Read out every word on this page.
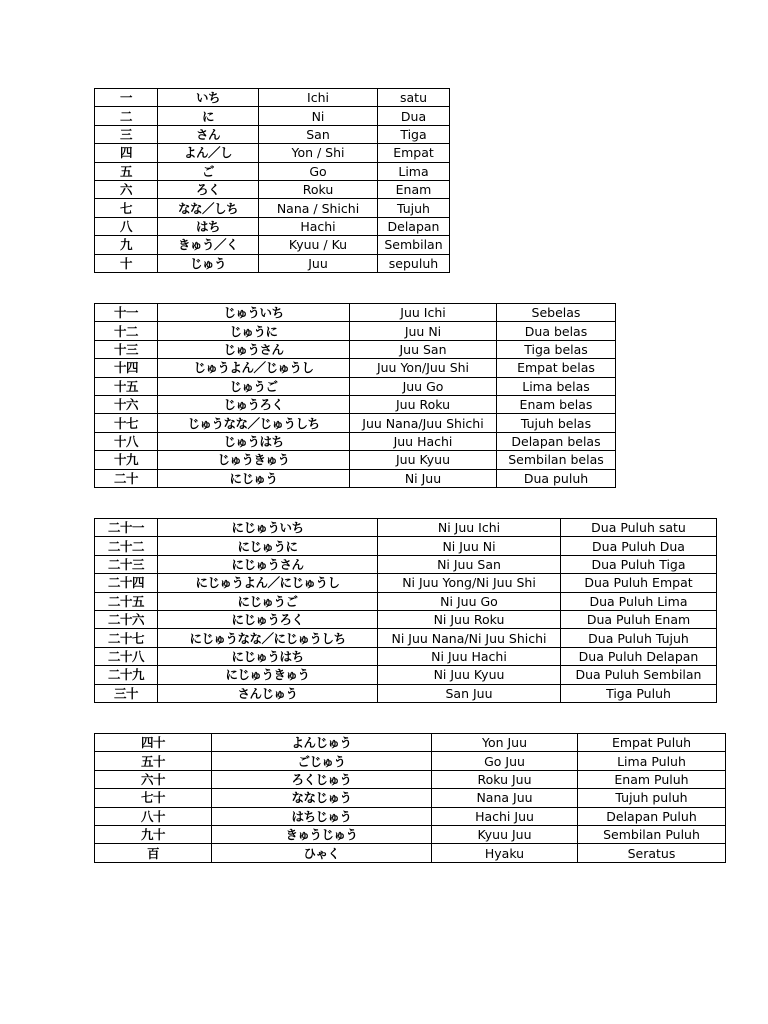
一	いち	Ichi	satu
二	に	Ni	Dua
三	さん	San	Tiga
四	よん／し	Yon / Shi	Empat
五	ご	Go	Lima
六	ろく	Roku	Enam
七	なな／しち	Nana / Shichi	Tujuh
八	はち	Hachi	Delapan
九	きゅう／く	Kyuu / Ku	Sembilan
十	じゅう	Juu	sepuluh
十一	じゅういち	Juu Ichi	Sebelas
十二	じゅうに	Juu Ni	Dua belas
十三	じゅうさん	Juu San	Tiga belas
十四	じゅうよん／じゅうし	Juu Yon/Juu Shi	Empat belas
十五	じゅうご	Juu Go	Lima belas
十六	じゅうろく	Juu Roku	Enam belas
十七	じゅうなな／じゅうしち	Juu Nana/Juu Shichi	Tujuh belas
十八	じゅうはち	Juu Hachi	Delapan belas
十九	じゅうきゅう	Juu Kyuu	Sembilan belas
二十	にじゅう	Ni Juu	Dua puluh
二十一	にじゅういち	Ni Juu Ichi	Dua Puluh satu
二十二	にじゅうに	Ni Juu Ni	Dua Puluh Dua
二十三	にじゅうさん	Ni Juu San	Dua Puluh Tiga
二十四	にじゅうよん／にじゅうし	Ni Juu Yong/Ni Juu Shi	Dua Puluh Empat
二十五	にじゅうご	Ni Juu Go	Dua Puluh Lima
二十六	にじゅうろく	Ni Juu Roku	Dua Puluh Enam
二十七	にじゅうなな／にじゅうしち	Ni Juu Nana/Ni Juu Shichi	Dua Puluh Tujuh
二十八	にじゅうはち	Ni Juu Hachi	Dua Puluh Delapan
二十九	にじゅうきゅう	Ni Juu Kyuu	Dua Puluh Sembilan
三十	さんじゅう	San Juu	Tiga Puluh
四十	よんじゅう	Yon Juu	Empat Puluh
五十	ごじゅう	Go Juu	Lima Puluh
六十	ろくじゅう	Roku Juu	Enam Puluh
七十	ななじゅう	Nana Juu	Tujuh puluh
八十	はちじゅう	Hachi Juu	Delapan Puluh
九十	きゅうじゅう	Kyuu Juu	Sembilan Puluh
百	ひゃく	Hyaku	Seratus
